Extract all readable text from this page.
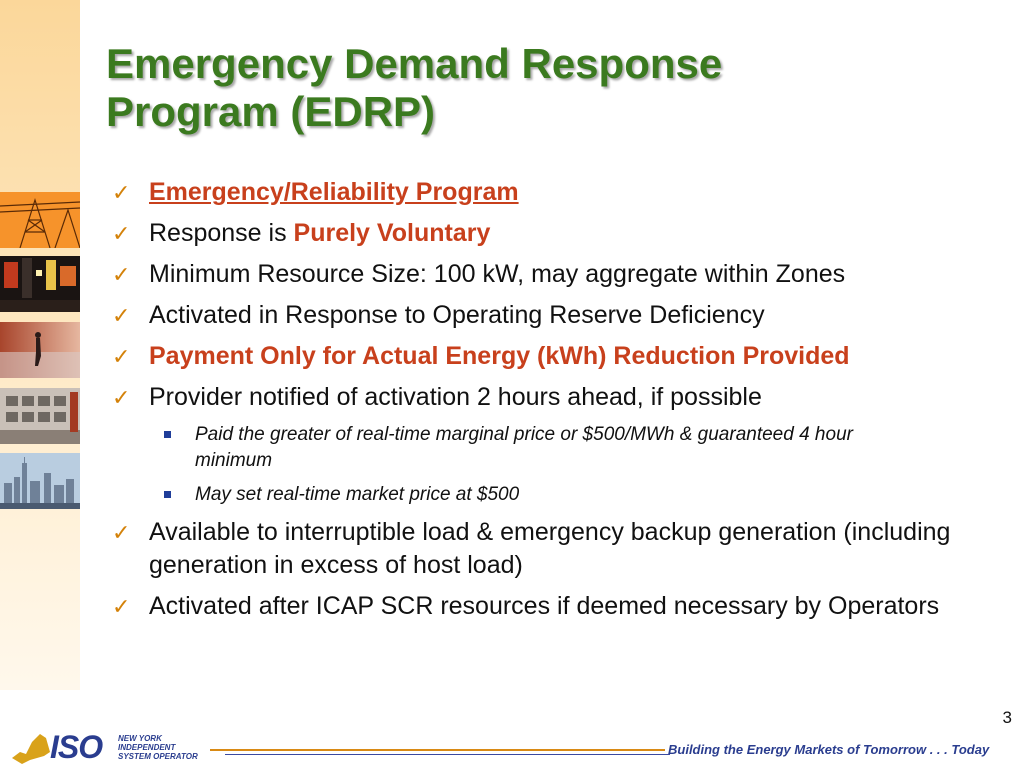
Emergency Demand Response
Program (EDRP)
✓ Emergency/Reliability Program
✓ Response is Purely Voluntary
✓ Minimum Resource Size: 100 kW, may aggregate within Zones
✓ Activated in Response to Operating Reserve Deficiency
✓ Payment Only for Actual Energy (kWh) Reduction Provided
✓ Provider notified of activation 2 hours ahead, if possible
Paid the greater of real-time marginal price or $500/MWh & guaranteed 4 hour minimum
May set real-time market price at $500
✓ Available to interruptible load & emergency backup generation (including generation in excess of host load)
✓ Activated after ICAP SCR resources if deemed necessary by Operators
3
ISO NEW YORK
INDEPENDENT
SYSTEM OPERATOR	Building the Energy Markets of Tomorrow . . . Today
